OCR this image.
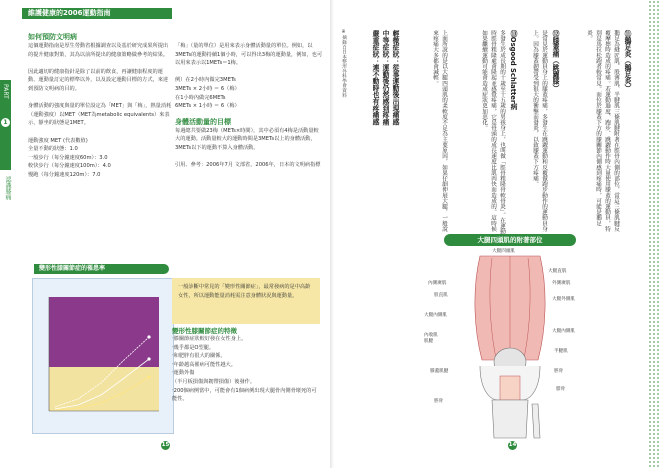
維護健康的2006運動指南
PART
1
認識膝痛
如何預防文明病
這個運動指南是厚生勞動省根據調查以及基於研究成果所提出的提升健康對策，其為以前所提出的健康策略做參考的結果。

因此適切的健康指針是除了以前的飲食，再讓健康程度的運動、運動量訂定的標準以外，以及設定運動目標的方式，來達到預防文明病的目的。

身體活動的強度與量的單位設定為「MET」與「梅」，熱量消耗（運動強度）以MET（MET為metabolic equivalents）來表示，靜坐的狀態是1MET。

運動強度 MET (代表數值)
全量不動的狀態：1.0
一般步行（每分鐘速度60m）：3.0
較快步行（每分鐘速度100m）：4.0
慢跑（每分鐘速度120m）：7.0
「梅」（量的單位）是用來表示身體活動量的單位。例如，以3METs的運動持續1個小時，可以得出3梅的運動量，例如，也可以用來表示以1METs＝1梅。

例）在2小時內做完3METs
3METs × 2小時 ＝ 6（梅）
在1小時內做完6METs
6METs × 1小時 ＝ 6（梅）
身體活動量的目標
每週總共要做23梅（METs×時間），其中必須有4梅是活動量較大的運動。活動量較大的運動時間是3METs以上的身體活動，3METs以下的運動不算入身體活動。

引用、參考：2006年7月 文部省，2006年，日本的文明病指標
變形性膝關節症的罹患率
一般診斷中常見的「變形性關節症」，最常發病的是中高齡女性，所以運動能量消耗需注意身體狀況與運動量。
變形性膝關節症的特徵
‧膝關節症狀較好發在女性身上。
‧幾乎都是O型腿。
‧和肥胖有很大的關係。
‧年齡越高罹病可能性越大。
‧運動外傷
（半月板損傷與韌帶損傷）後發作。
‧200個病例當中，可能會有1個病例出現大腿骨內側骨壞死的可能性。
15
⑪鵝足炎（鵝足炎）
鵝足為縫匠肌、股薄肌、半腱肌三條肌腱附著在脛骨內側的部位，當這三條肌腱反覆摩擦時造成的疼痛。若運動過度、跑步、跳躍動作時大量使用膝蓋的運動員，特別是馬拉松跑者較常見。而位於膝蓋下方的膝關節內側感到疼痛時，可能是鵝足炎。
⑫膝蓋痛（跳躍膝）
是常見於運動員身上的膝蓋疼痛，多發生在跳躍運動和反覆做跑步動作的運動員身上。因為膝蓋韌帶受到很大的衝擊而發炎，以致膝蓋下方疼痛。
⑬Osgood Schlatter病
多發生於成長期的十歲至十五歲的男孩身上，也叫做「脛骨粗隆骨軟骨炎」。在運動時脛骨粗隆處會隆起並感覺疼痛，它是骨頭的成長速度比肌肉快而造成的。這時候如果繼續運動可能會造成症狀更加惡化。
上面所說的是以大腿四頭肌的柔軟度不足為主要原因，如果仔細伸展大腿，一般說來疼痛大多都會減輕。
輕微症狀：從事運動後出現痛感
中等症狀：運動後仍然感到疼痛
嚴重症狀：連不動時也有疼痛感
※摘錄自日本整形外科學會資料
大腿四頭肌的附著部位
大腿四頭肌
內側廣肌
股直肌
大腿內側肌
內收肌
肌腱
膝蓋肌腱
脛骨
大腿直肌
外側廣肌
大腿外側肌
大腿內側肌
半腱肌
脛骨
腓骨
14
